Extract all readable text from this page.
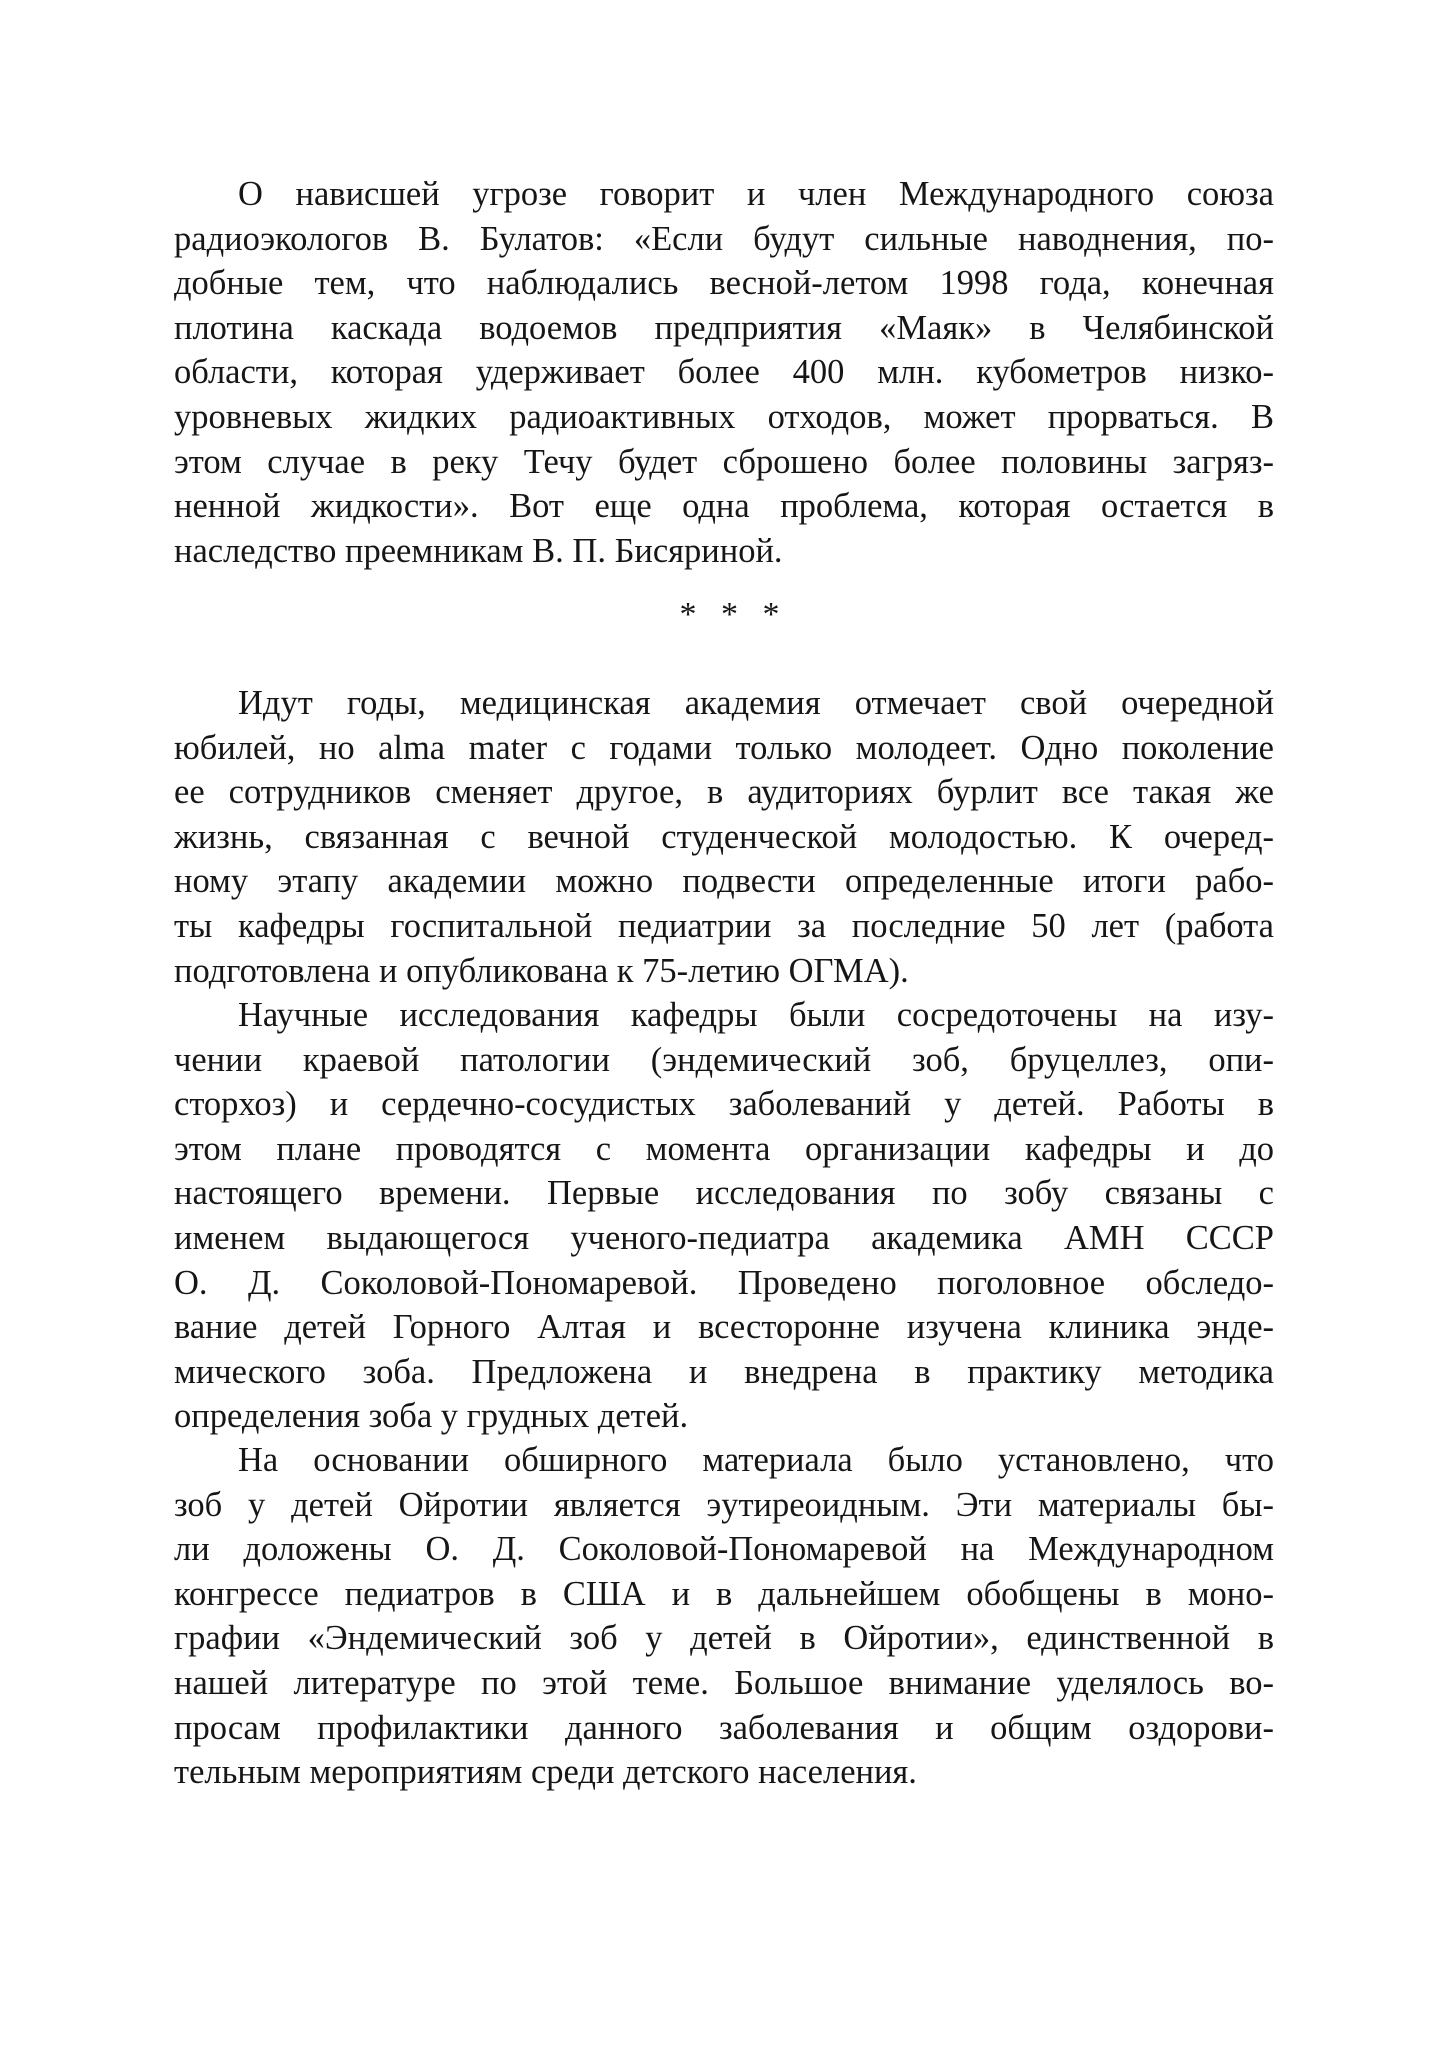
О нависшей угрозе говорит и член Международного союза
радиоэкологов В. Булатов: «Если будут сильные наводнения, по-
добные тем, что наблюдались весной-летом 1998 года, конечная
плотина каскада водоемов предприятия «Маяк» в Челябинской
области, которая удерживает более 400 млн. кубометров низко-
уровневых жидких радиоактивных отходов, может прорваться. В
этом случае в реку Течу будет сброшено более половины загряз-
ненной жидкости». Вот еще одна проблема, которая остается в
наследство преемникам В. П. Бисяриной.
* * *
Идут годы, медицинская академия отмечает свой очередной
юбилей, но alma mater с годами только молодеет. Одно поколение
ее сотрудников сменяет другое, в аудиториях бурлит все такая же
жизнь, связанная с вечной студенческой молодостью. К очеред-
ному этапу академии можно подвести определенные итоги рабо-
ты кафедры госпитальной педиатрии за последние 50 лет (работа
подготовлена и опубликована к 75-летию ОГМА).
Научные исследования кафедры были сосредоточены на изу-
чении краевой патологии (эндемический зоб, бруцеллез, опи-
сторхоз) и сердечно-сосудистых заболеваний у детей. Работы в
этом плане проводятся с момента организации кафедры и до
настоящего времени. Первые исследования по зобу связаны с
именем выдающегося ученого-педиатра академика АМН СССР
О. Д. Соколовой-Пономаревой. Проведено поголовное обследо-
вание детей Горного Алтая и всесторонне изучена клиника энде-
мического зоба. Предложена и внедрена в практику методика
определения зоба у грудных детей.
На основании обширного материала было установлено, что
зоб у детей Ойротии является эутиреоидным. Эти материалы бы-
ли доложены О. Д. Соколовой-Пономаревой на Международном
конгрессе педиатров в США и в дальнейшем обобщены в моно-
графии «Эндемический зоб у детей в Ойротии», единственной в
нашей литературе по этой теме. Большое внимание уделялось во-
просам профилактики данного заболевания и общим оздорови-
тельным мероприятиям среди детского населения.
